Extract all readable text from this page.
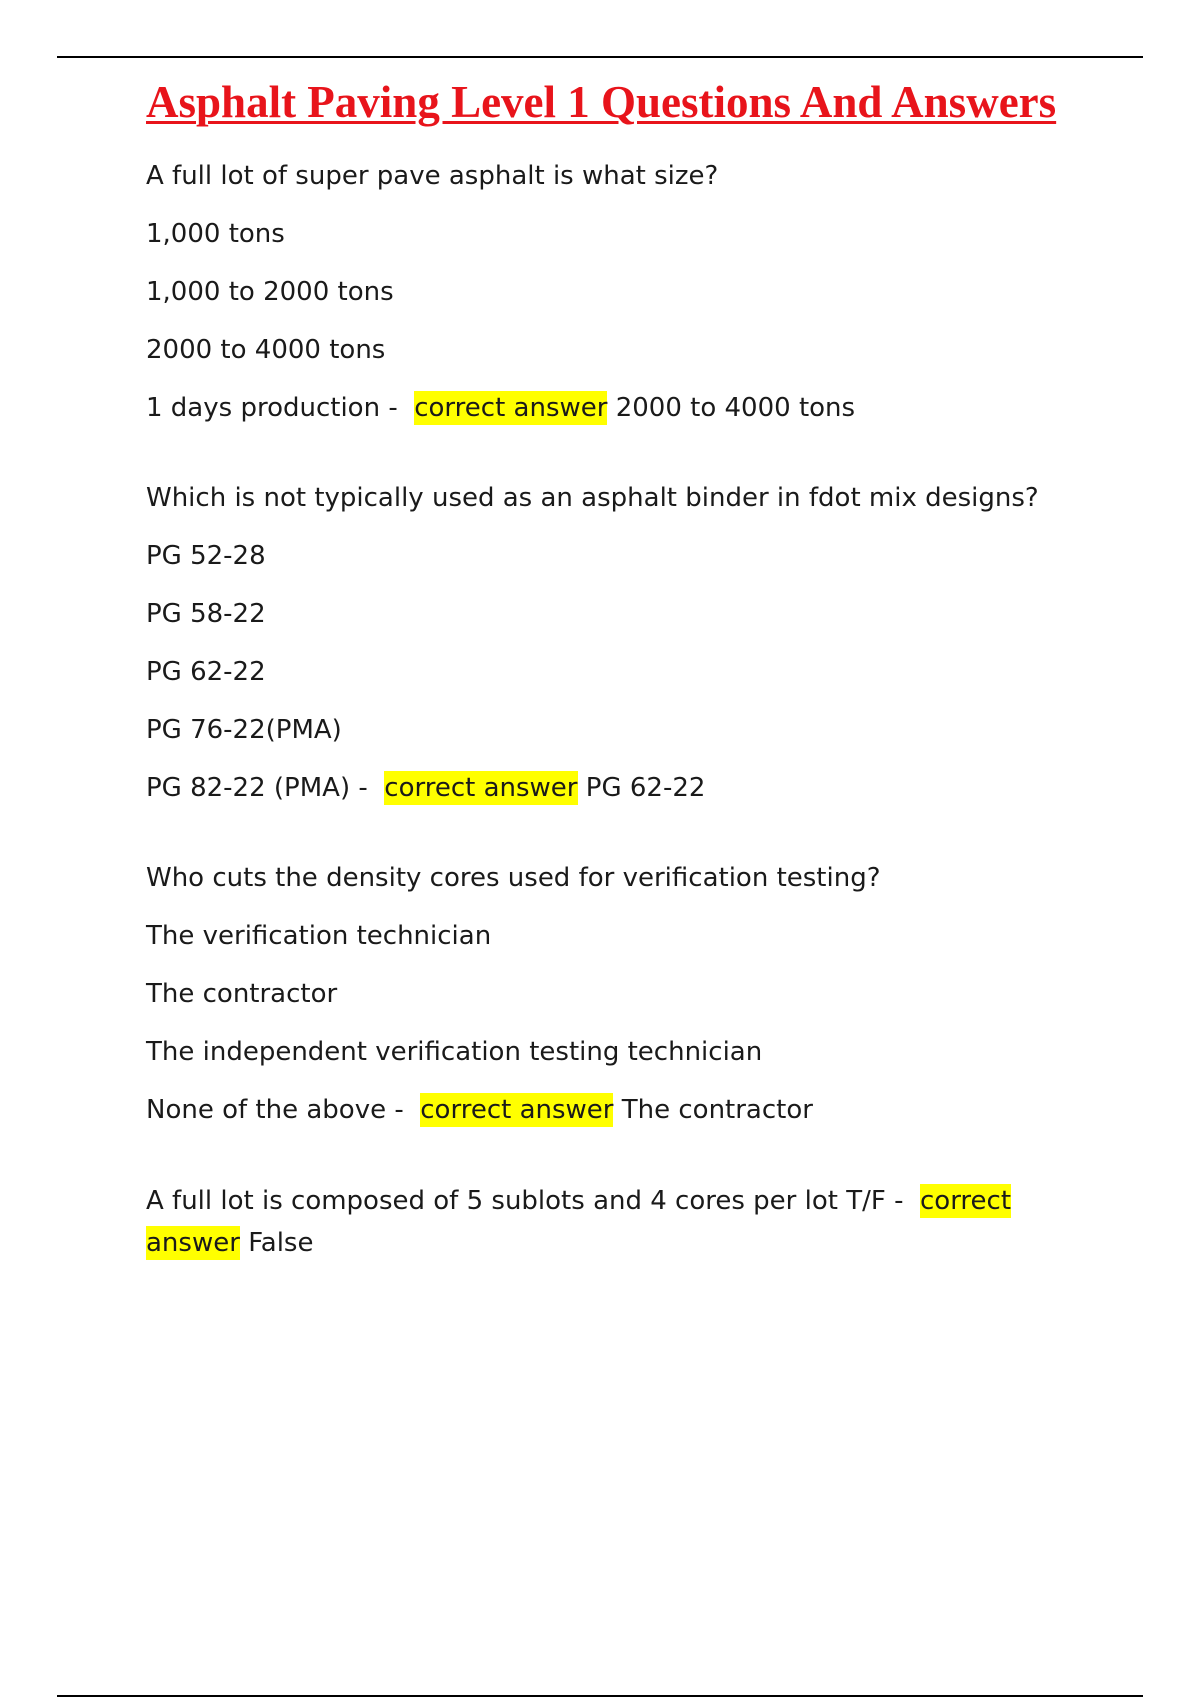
Asphalt Paving Level 1 Questions And Answers
A full lot of super pave asphalt is what size?
1,000 tons
1,000 to 2000 tons
2000 to 4000 tons
1 days production - correct answer 2000 to 4000 tons
Which is not typically used as an asphalt binder in fdot mix designs?
PG 52-28
PG 58-22
PG 62-22
PG 76-22(PMA)
PG 82-22 (PMA) - correct answer PG 62-22
Who cuts the density cores used for verification testing?
The verification technician
The contractor
The independent verification testing technician
None of the above - correct answer The contractor
A full lot is composed of 5 sublots and 4 cores per lot T/F - correct answer False
